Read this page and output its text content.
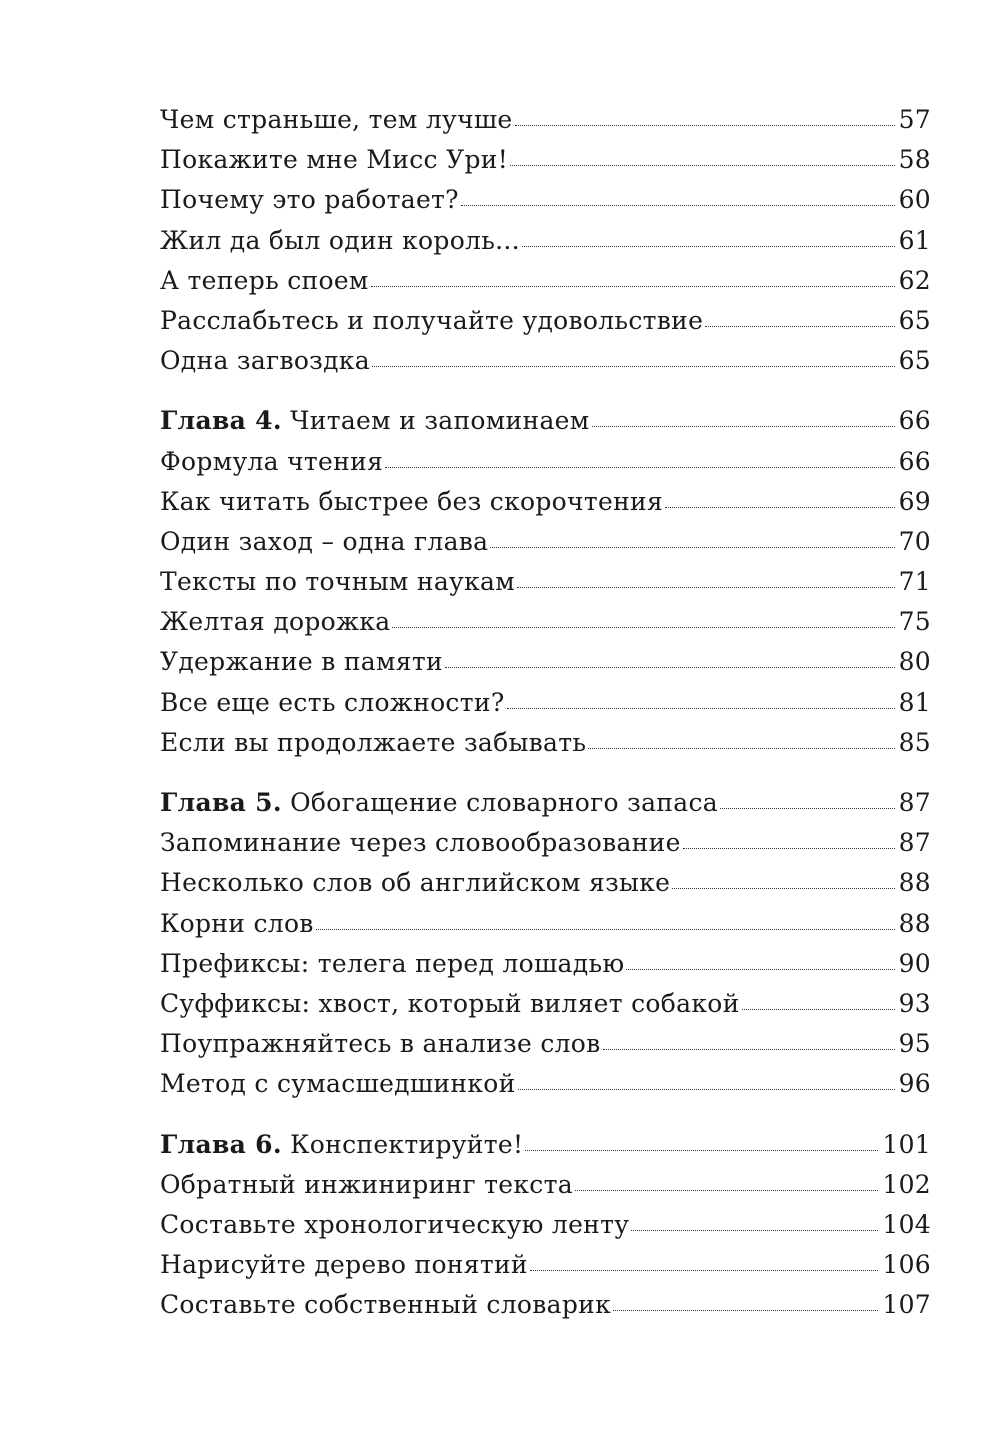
Чем страньше, тем лучше	57
Покажите мне Мисс Ури!	58
Почему это работает?	60
Жил да был один король...	61
А теперь споем	62
Расслабьтесь и получайте удовольствие	65
Одна загвоздка	65
Глава 4. Читаем и запоминаем	66
Формула чтения	66
Как читать быстрее без скорочтения	69
Один заход – одна глава	70
Тексты по точным наукам	71
Желтая дорожка	75
Удержание в памяти	80
Все еще есть сложности?	81
Если вы продолжаете забывать	85
Глава 5. Обогащение словарного запаса	87
Запоминание через словообразование	87
Несколько слов об английском языке	88
Корни слов	88
Префиксы: телега перед лошадью	90
Суффиксы: хвост, который виляет собакой	93
Поупражняйтесь в анализе слов	95
Метод с сумасшедшинкой	96
Глава 6. Конспектируйте!	101
Обратный инжиниринг текста	102
Составьте хронологическую ленту	104
Нарисуйте дерево понятий	106
Составьте собственный словарик	107
